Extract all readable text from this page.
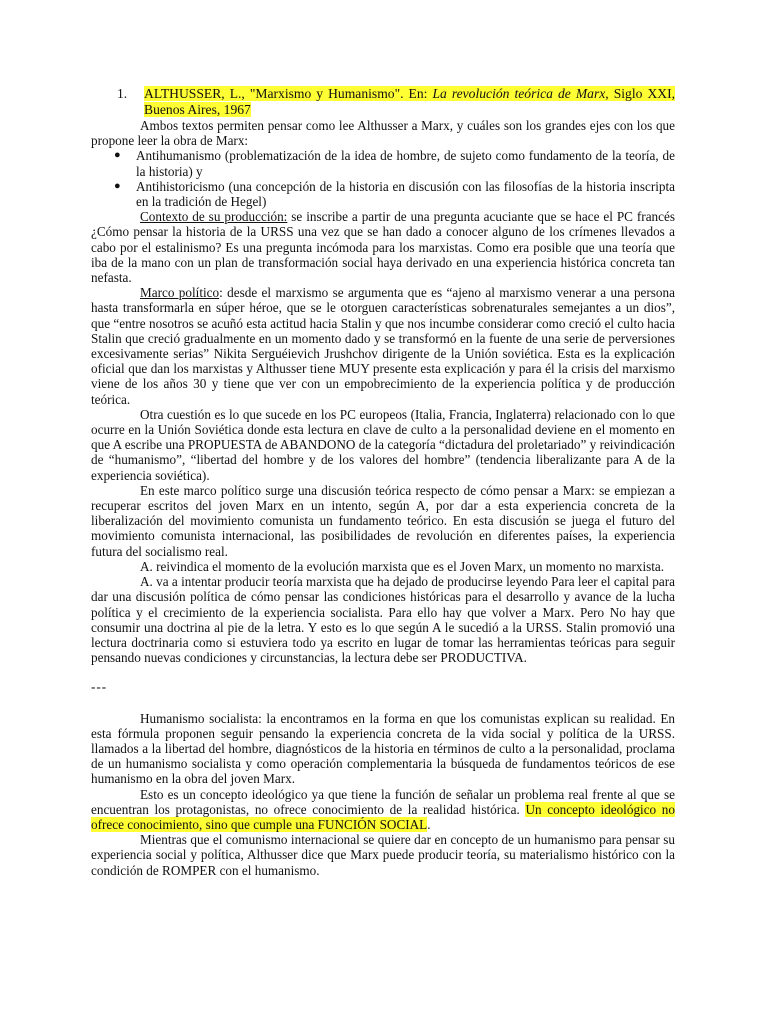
1. ALTHUSSER, L., "Marxismo y Humanismo". En: La revolución teórica de Marx, Siglo XXI, Buenos Aires, 1967

Ambos textos permiten pensar como lee Althusser a Marx, y cuáles son los grandes ejes con los que propone leer la obra de Marx:

● Antihumanismo (problematización de la idea de hombre, de sujeto como fundamento de la teoría, de la historia) y
● Antihistoricismo (una concepción de la historia en discusión con las filosofías de la historia inscripta en la tradición de Hegel)

Contexto de su producción: se inscribe a partir de una pregunta acuciante que se hace el PC francés ¿Cómo pensar la historia de la URSS una vez que se han dado a conocer alguno de los crímenes llevados a cabo por el estalinismo? Es una pregunta incómoda para los marxistas. Como era posible que una teoría que iba de la mano con un plan de transformación social haya derivado en una experiencia histórica concreta tan nefasta.

Marco político: desde el marxismo se argumenta que es “ajeno al marxismo venerar a una persona hasta transformarla en súper héroe, que se le otorguen características sobrenaturales semejantes a un dios”, que “entre nosotros se acuñó esta actitud hacia Stalin y que nos incumbe considerar como creció el culto hacia Stalin que creció gradualmente en un momento dado y se transformó en la fuente de una serie de perversiones excesivamente serias” Nikita Serguéievich Jrushchov dirigente de la Unión soviética. Esta es la explicación oficial que dan los marxistas y Althusser tiene MUY presente esta explicación y para él la crisis del marxismo viene de los años 30 y tiene que ver con un empobrecimiento de la experiencia política y de producción teórica.

Otra cuestión es lo que sucede en los PC europeos (Italia, Francia, Inglaterra) relacionado con lo que ocurre en la Unión Soviética donde esta lectura en clave de culto a la personalidad deviene en el momento en que A escribe una PROPUESTA de ABANDONO de la categoría “dictadura del proletariado” y reivindicación de “humanismo”, “libertad del hombre y de los valores del hombre” (tendencia liberalizante para A de la experiencia soviética).

En este marco político surge una discusión teórica respecto de cómo pensar a Marx: se empiezan a recuperar escritos del joven Marx en un intento, según A, por dar a esta experiencia concreta de la liberalización del movimiento comunista un fundamento teórico. En esta discusión se juega el futuro del movimiento comunista internacional, las posibilidades de revolución en diferentes países, la experiencia futura del socialismo real.

A. reivindica el momento de la evolución marxista que es el Joven Marx, un momento no marxista.

A. va a intentar producir teoría marxista que ha dejado de producirse leyendo Para leer el capital para dar una discusión política de cómo pensar las condiciones históricas para el desarrollo y avance de la lucha política y el crecimiento de la experiencia socialista. Para ello hay que volver a Marx. Pero No hay que consumir una doctrina al pie de la letra. Y esto es lo que según A le sucedió a la URSS. Stalin promovió una lectura doctrinaria como si estuviera todo ya escrito en lugar de tomar las herramientas teóricas para seguir pensando nuevas condiciones y circunstancias, la lectura debe ser PRODUCTIVA.

---

Humanismo socialista: la encontramos en la forma en que los comunistas explican su realidad. En esta fórmula proponen seguir pensando la experiencia concreta de la vida social y política de la URSS. llamados a la libertad del hombre, diagnósticos de la historia en términos de culto a la personalidad, proclama de un humanismo socialista y como operación complementaria la búsqueda de fundamentos teóricos de ese humanismo en la obra del joven Marx.

Esto es un concepto ideológico ya que tiene la función de señalar un problema real frente al que se encuentran los protagonistas, no ofrece conocimiento de la realidad histórica. Un concepto ideológico no ofrece conocimiento, sino que cumple una FUNCIÓN SOCIAL.

Mientras que el comunismo internacional se quiere dar en concepto de un humanismo para pensar su experiencia social y política, Althusser dice que Marx puede producir teoría, su materialismo histórico con la condición de ROMPER con el humanismo.
